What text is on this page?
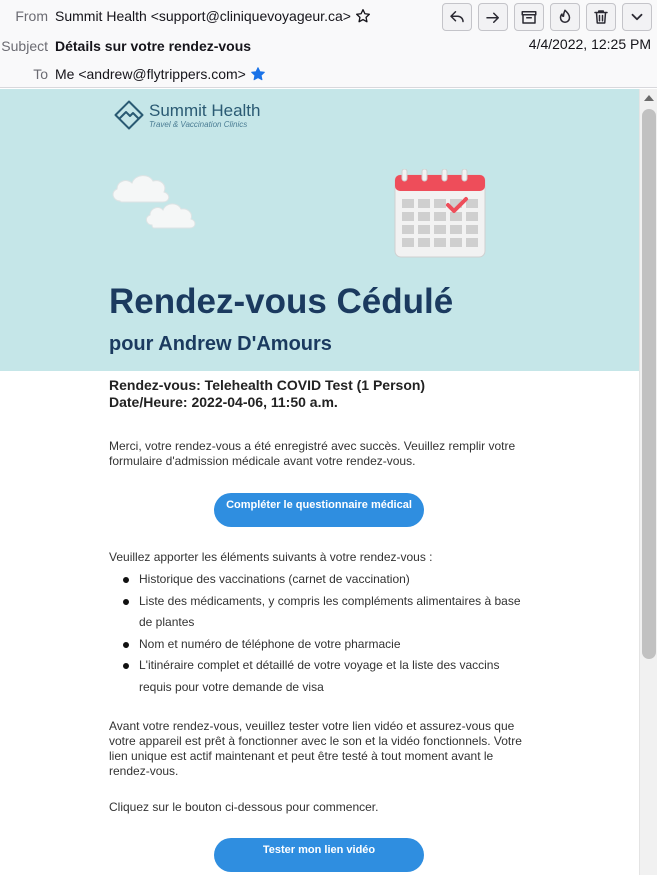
From Summit Health <support@cliniquevoyageur.ca>
Subject Détails sur votre rendez-vous	4/4/2022, 12:25 PM
To Me <andrew@flytrippers.com>
Summit Health
Travel & Vaccination Clinics
Rendez-vous Cédulé
pour Andrew D'Amours
Rendez-vous: Telehealth COVID Test (1 Person)
Date/Heure: 2022-04-06, 11:50 a.m.
Merci, votre rendez-vous a été enregistré avec succès. Veuillez remplir votre formulaire d'admission médicale avant votre rendez-vous.
Compléter le questionnaire médical
Veuillez apporter les éléments suivants à votre rendez-vous :
Historique des vaccinations (carnet de vaccination)
Liste des médicaments, y compris les compléments alimentaires à base de plantes
Nom et numéro de téléphone de votre pharmacie
L'itinéraire complet et détaillé de votre voyage et la liste des vaccins requis pour votre demande de visa
Avant votre rendez-vous, veuillez tester votre lien vidéo et assurez-vous que votre appareil est prêt à fonctionner avec le son et la vidéo fonctionnels. Votre lien unique est actif maintenant et peut être testé à tout moment avant le rendez-vous.
Cliquez sur le bouton ci-dessous pour commencer.
Tester mon lien vidéo
